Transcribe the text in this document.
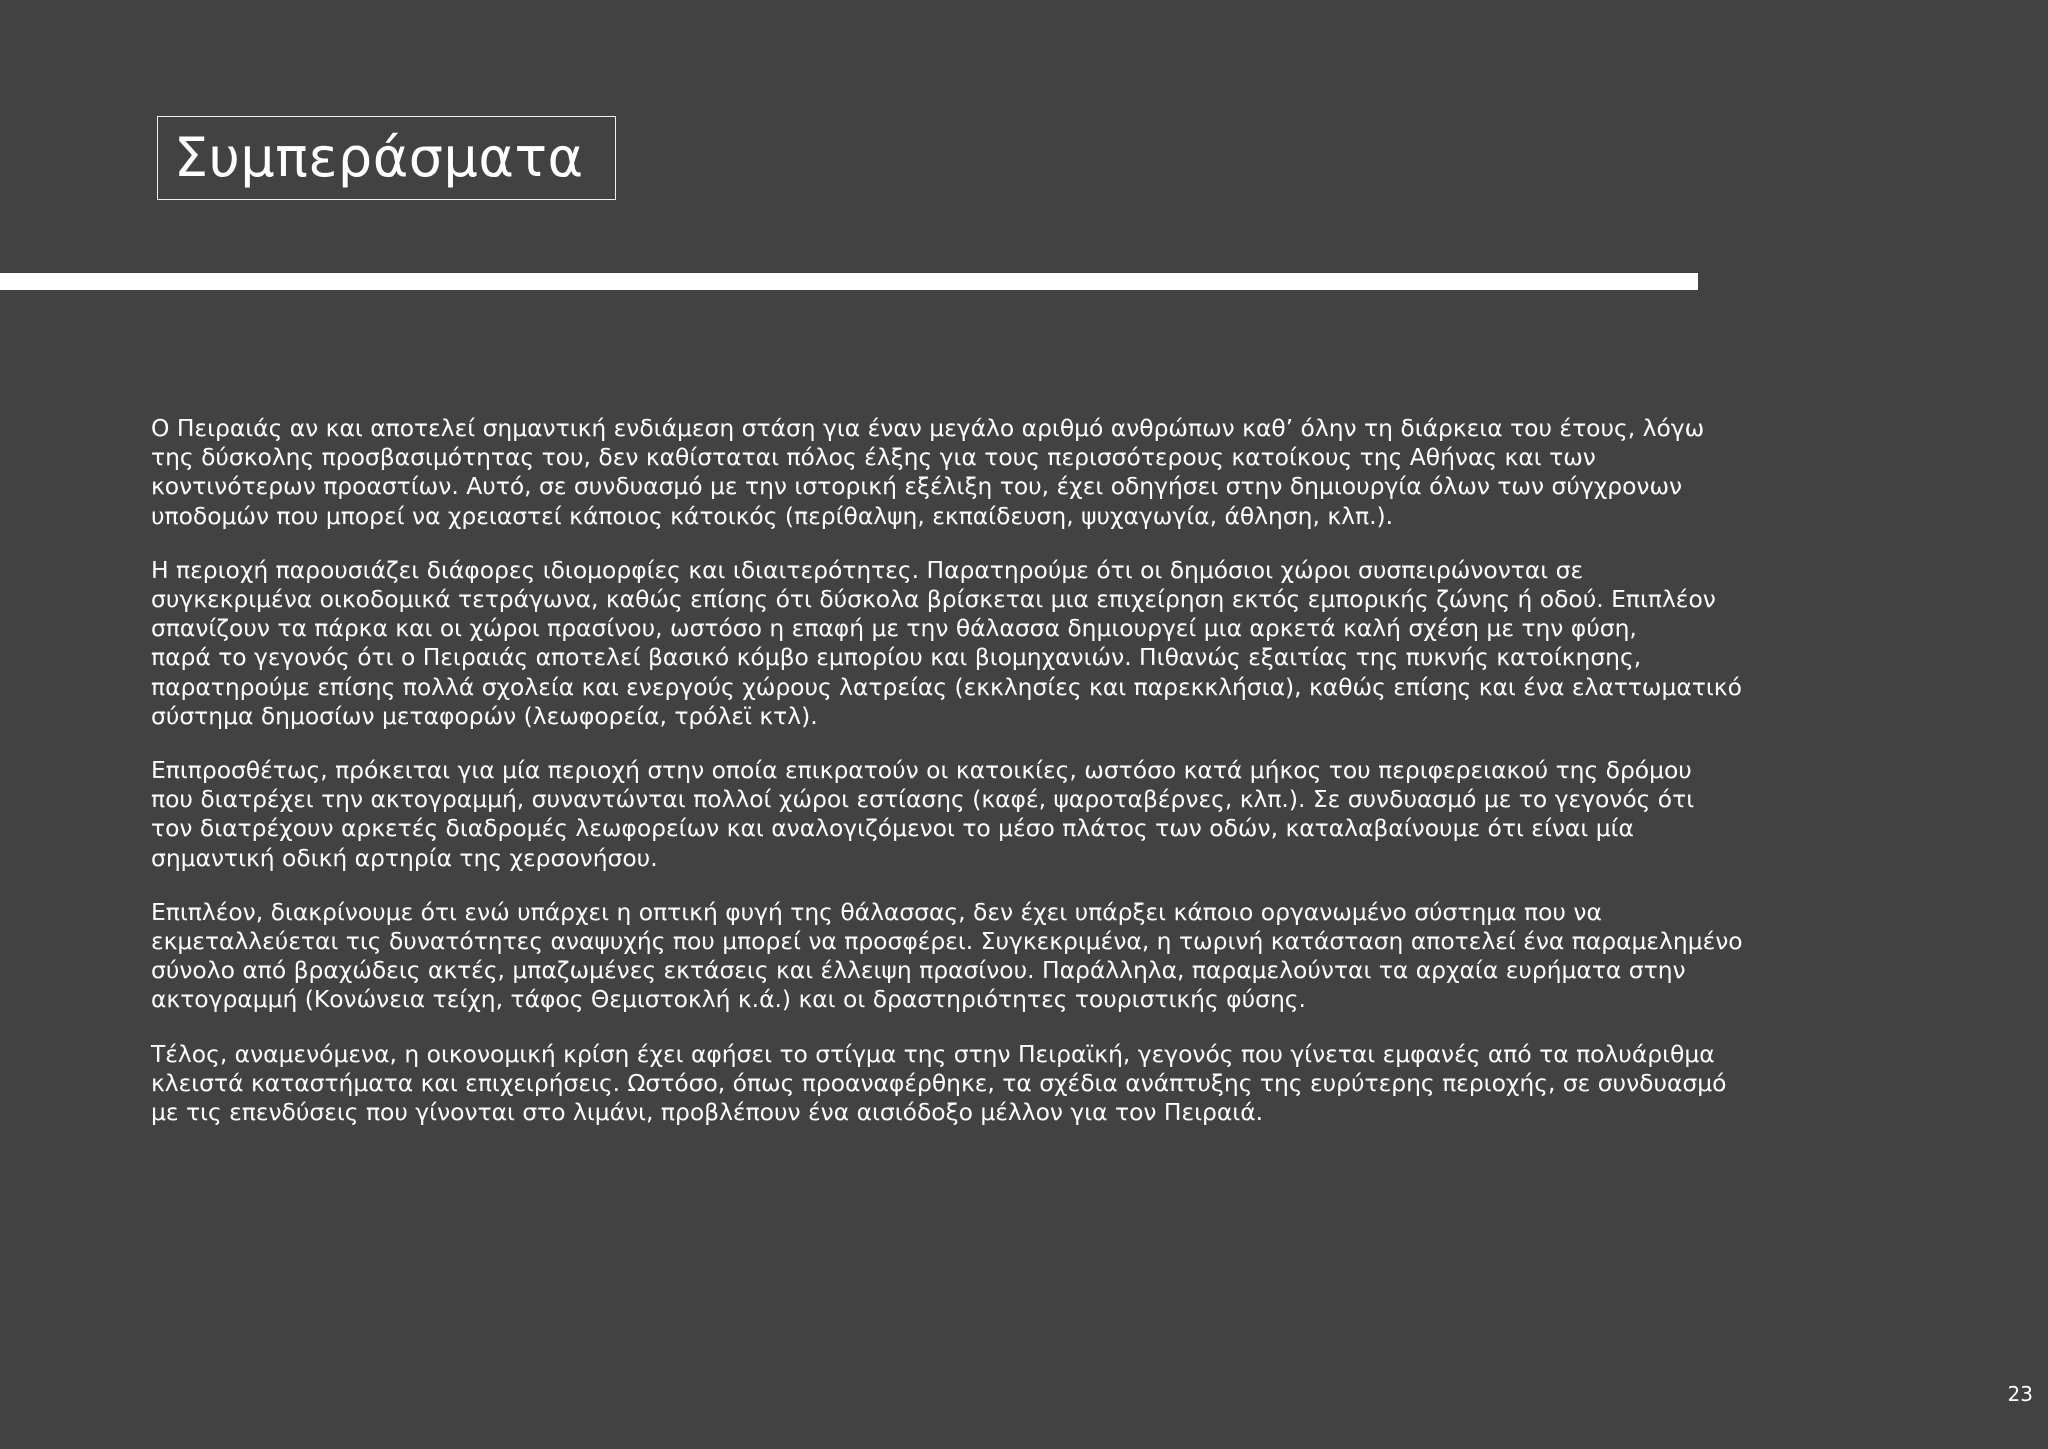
Συμπεράσματα

Ο Πειραιάς αν και αποτελεί σημαντική ενδιάμεση στάση για έναν μεγάλο αριθμό ανθρώπων καθ’ όλην τη διάρκεια του έτους, λόγω
της δύσκολης προσβασιμότητας του, δεν καθίσταται πόλος έλξης για τους περισσότερους κατοίκους της Αθήνας και των
κοντινότερων προαστίων. Αυτό, σε συνδυασμό με την ιστορική εξέλιξη του, έχει οδηγήσει στην δημιουργία όλων των σύγχρονων
υποδομών που μπορεί να χρειαστεί κάποιος κάτοικός (περίθαλψη, εκπαίδευση, ψυχαγωγία, άθληση, κλπ.).

Η περιοχή παρουσιάζει διάφορες ιδιομορφίες και ιδιαιτερότητες. Παρατηρούμε ότι οι δημόσιοι χώροι συσπειρώνονται σε
συγκεκριμένα οικοδομικά τετράγωνα, καθώς επίσης ότι δύσκολα βρίσκεται μια επιχείρηση εκτός εμπορικής ζώνης ή οδού. Επιπλέον
σπανίζουν τα πάρκα και οι χώροι πρασίνου, ωστόσο η επαφή με την θάλασσα δημιουργεί μια αρκετά καλή σχέση με την φύση,
παρά το γεγονός ότι ο Πειραιάς αποτελεί βασικό κόμβο εμπορίου και βιομηχανιών. Πιθανώς εξαιτίας της πυκνής κατοίκησης,
παρατηρούμε επίσης πολλά σχολεία και ενεργούς χώρους λατρείας (εκκλησίες και παρεκκλήσια), καθώς επίσης και ένα ελαττωματικό
σύστημα δημοσίων μεταφορών (λεωφορεία, τρόλεϊ κτλ).

Επιπροσθέτως, πρόκειται για μία περιοχή στην οποία επικρατούν οι κατοικίες, ωστόσο κατά μήκος του περιφερειακού της δρόμου
που διατρέχει την ακτογραμμή, συναντώνται πολλοί χώροι εστίασης (καφέ, ψαροταβέρνες, κλπ.). Σε συνδυασμό με το γεγονός ότι
τον διατρέχουν αρκετές διαδρομές λεωφορείων και αναλογιζόμενοι το μέσο πλάτος των οδών, καταλαβαίνουμε ότι είναι μία
σημαντική οδική αρτηρία της χερσονήσου.

Επιπλέον, διακρίνουμε ότι ενώ υπάρχει η οπτική φυγή της θάλασσας, δεν έχει υπάρξει κάποιο οργανωμένο σύστημα που να
εκμεταλλεύεται τις δυνατότητες αναψυχής που μπορεί να προσφέρει. Συγκεκριμένα, η τωρινή κατάσταση αποτελεί ένα παραμελημένο
σύνολο από βραχώδεις ακτές, μπαζωμένες εκτάσεις και έλλειψη πρασίνου. Παράλληλα, παραμελούνται τα αρχαία ευρήματα στην
ακτογραμμή (Κονώνεια τείχη, τάφος Θεμιστοκλή κ.ά.) και οι δραστηριότητες τουριστικής φύσης.

Τέλος, αναμενόμενα, η οικονομική κρίση έχει αφήσει το στίγμα της στην Πειραϊκή, γεγονός που γίνεται εμφανές από τα πολυάριθμα
κλειστά καταστήματα και επιχειρήσεις. Ωστόσο, όπως προαναφέρθηκε, τα σχέδια ανάπτυξης της ευρύτερης περιοχής, σε συνδυασμό
με τις επενδύσεις που γίνονται στο λιμάνι, προβλέπουν ένα αισιόδοξο μέλλον για τον Πειραιά.

23
